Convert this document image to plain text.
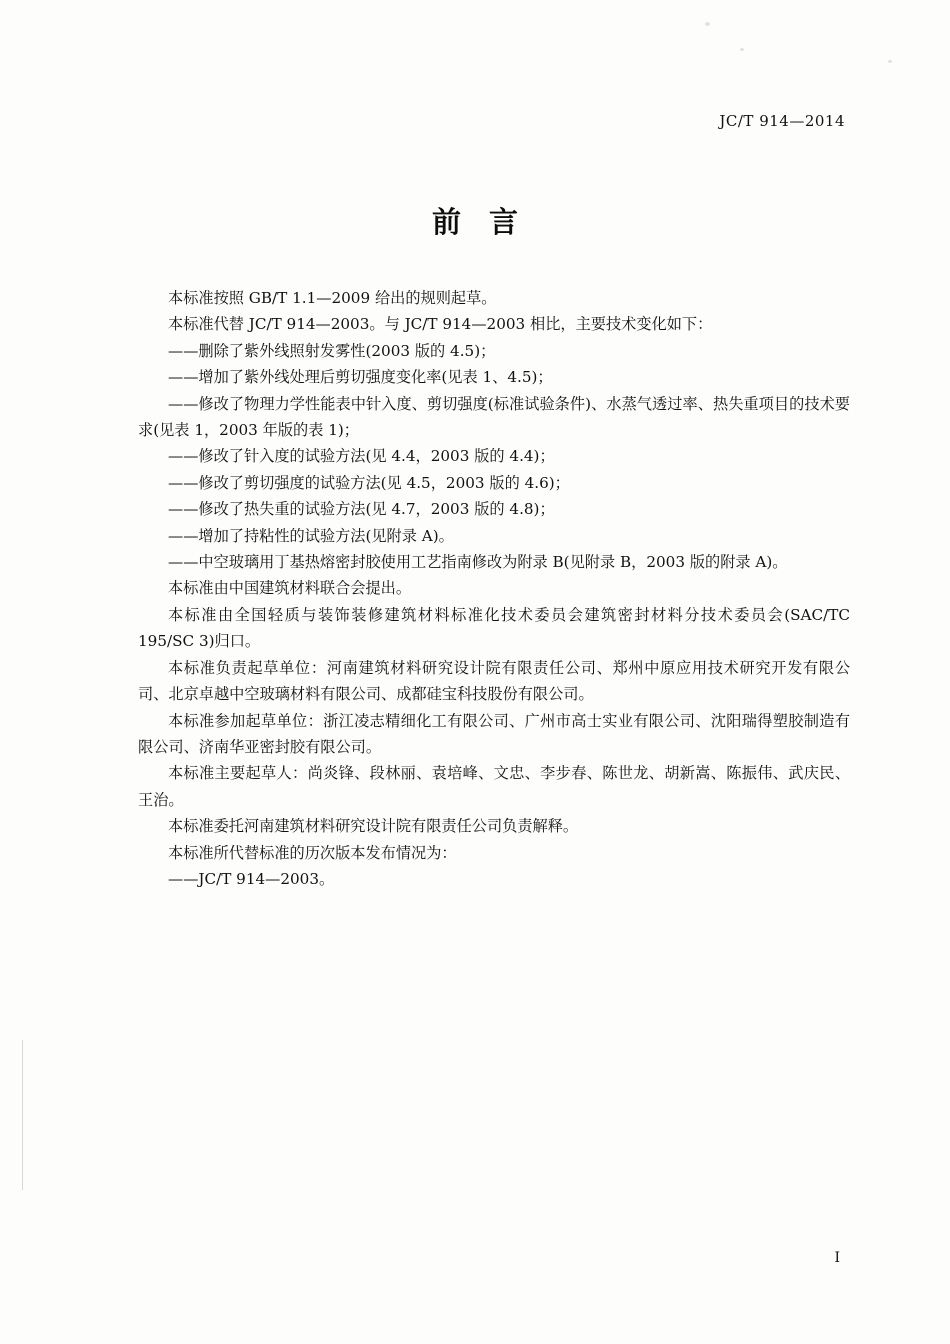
JC/T 914—2014
前言

本标准按照 GB/T 1.1—2009 给出的规则起草。

本标准代替 JC/T 914—2003。与 JC/T 914—2003 相比，主要技术变化如下：

——删除了紫外线照射发雾性(2003 版的 4.5)；

——增加了紫外线处理后剪切强度变化率(见表 1、4.5)；

——修改了物理力学性能表中针入度、剪切强度(标准试验条件)、水蒸气透过率、热失重项目的技术要求(见表 1，2003 年版的表 1)；

——修改了针入度的试验方法(见 4.4，2003 版的 4.4)；

——修改了剪切强度的试验方法(见 4.5，2003 版的 4.6)；

——修改了热失重的试验方法(见 4.7，2003 版的 4.8)；

——增加了持粘性的试验方法(见附录 A)。

——中空玻璃用丁基热熔密封胶使用工艺指南修改为附录 B(见附录 B，2003 版的附录 A)。

本标准由中国建筑材料联合会提出。

本标准由全国轻质与装饰装修建筑材料标准化技术委员会建筑密封材料分技术委员会(SAC/TC 195/SC 3)归口。

本标准负责起草单位：河南建筑材料研究设计院有限责任公司、郑州中原应用技术研究开发有限公司、北京卓越中空玻璃材料有限公司、成都硅宝科技股份有限公司。

本标准参加起草单位：浙江凌志精细化工有限公司、广州市高士实业有限公司、沈阳瑞得塑胶制造有限公司、济南华亚密封胶有限公司。

本标准主要起草人：尚炎锋、段林丽、袁培峰、文忠、李步春、陈世龙、胡新嵩、陈振伟、武庆民、王治。

本标准委托河南建筑材料研究设计院有限责任公司负责解释。

本标准所代替标准的历次版本发布情况为：

——JC/T 914—2003。

I
